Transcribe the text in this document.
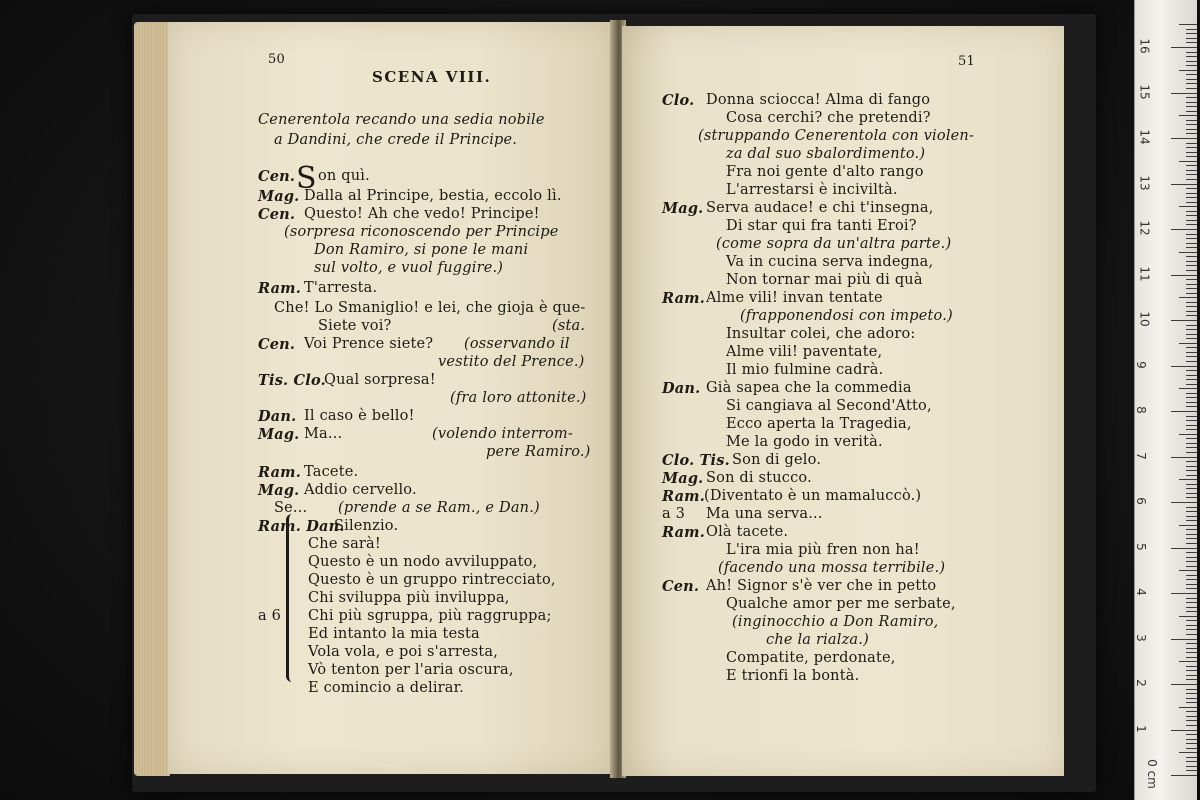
50
SCENA VIII.
S
Cenerentola recando una sedia nobile
a Dandini, che crede il Principe.
Cen. on quì.
Mag. Dalla al Principe, bestia, eccolo lì.
Cen. Questo! Ah che vedo! Principe!
(sorpresa riconoscendo per Principe
Don Ramiro, si pone le mani
sul volto, e vuol fuggire.)
Ram. T'arresta.
Che! Lo Smaniglio! e lei, che gioja è que-
Siete voi?	(sta.
Cen. Voi Prence siete? (osservando il
vestito del Prence.)
Tis. Clo.
Qual sorpresa!
(fra loro attonite.)
Dan. Il caso è bello!
Mag. Ma...	(volendo interrom-
pere Ramiro.)
Ram. Tacete.
Mag. Addio cervello.
Se... (prende a se Ram., e Dan.)
Ram. Dan.
Silenzio.
Che sarà!
Questo è un nodo avviluppato,
Questo è un gruppo rintrecciato,
Chi sviluppa più inviluppa,
a 6 Chi più sgruppa, più raggruppa;
Ed intanto la mia testa
Vola vola, e poi s'arresta,
Vò tenton per l'aria oscura,
E comincio a delirar.
51
Clo. Donna sciocca! Alma di fango
Cosa cerchi? che pretendi?
(struppando Cenerentola con violen-
za dal suo sbalordimento.)
Fra noi gente d'alto rango
L'arrestarsi è inciviltà.
Mag. Serva audace! e chi t'insegna,
Di star qui fra tanti Eroi?
(come sopra da un'altra parte.)
Va in cucina serva indegna,
Non tornar mai più di quà
Ram. Alme vili! invan tentate
(frapponendosi con impeto.)
Insultar colei, che adoro:
Alme vili! paventate,
Il mio fulmine cadrà.
Dan. Già sapea che la commedia
Si cangiava al Second'Atto,
Ecco aperta la Tragedia,
Me la godo in verità.
Clo. Tis. Son di gelo.
Mag. Son di stucco.
Ram. (Diventato è un mamaluccò.)
a 3 Ma una serva...
Ram. Olà tacete.
L'ira mia più fren non ha!
(facendo una mossa terribile.)
Cen. Ah! Signor s'è ver che in petto
Qualche amor per me serbate,
(inginocchio a Don Ramiro,
che la rialza.)
Compatite, perdonate,
E trionfi la bontà.
16
15
14
13
12
11
10
9
8
7
6
5
4
3
2
1
0 cm
